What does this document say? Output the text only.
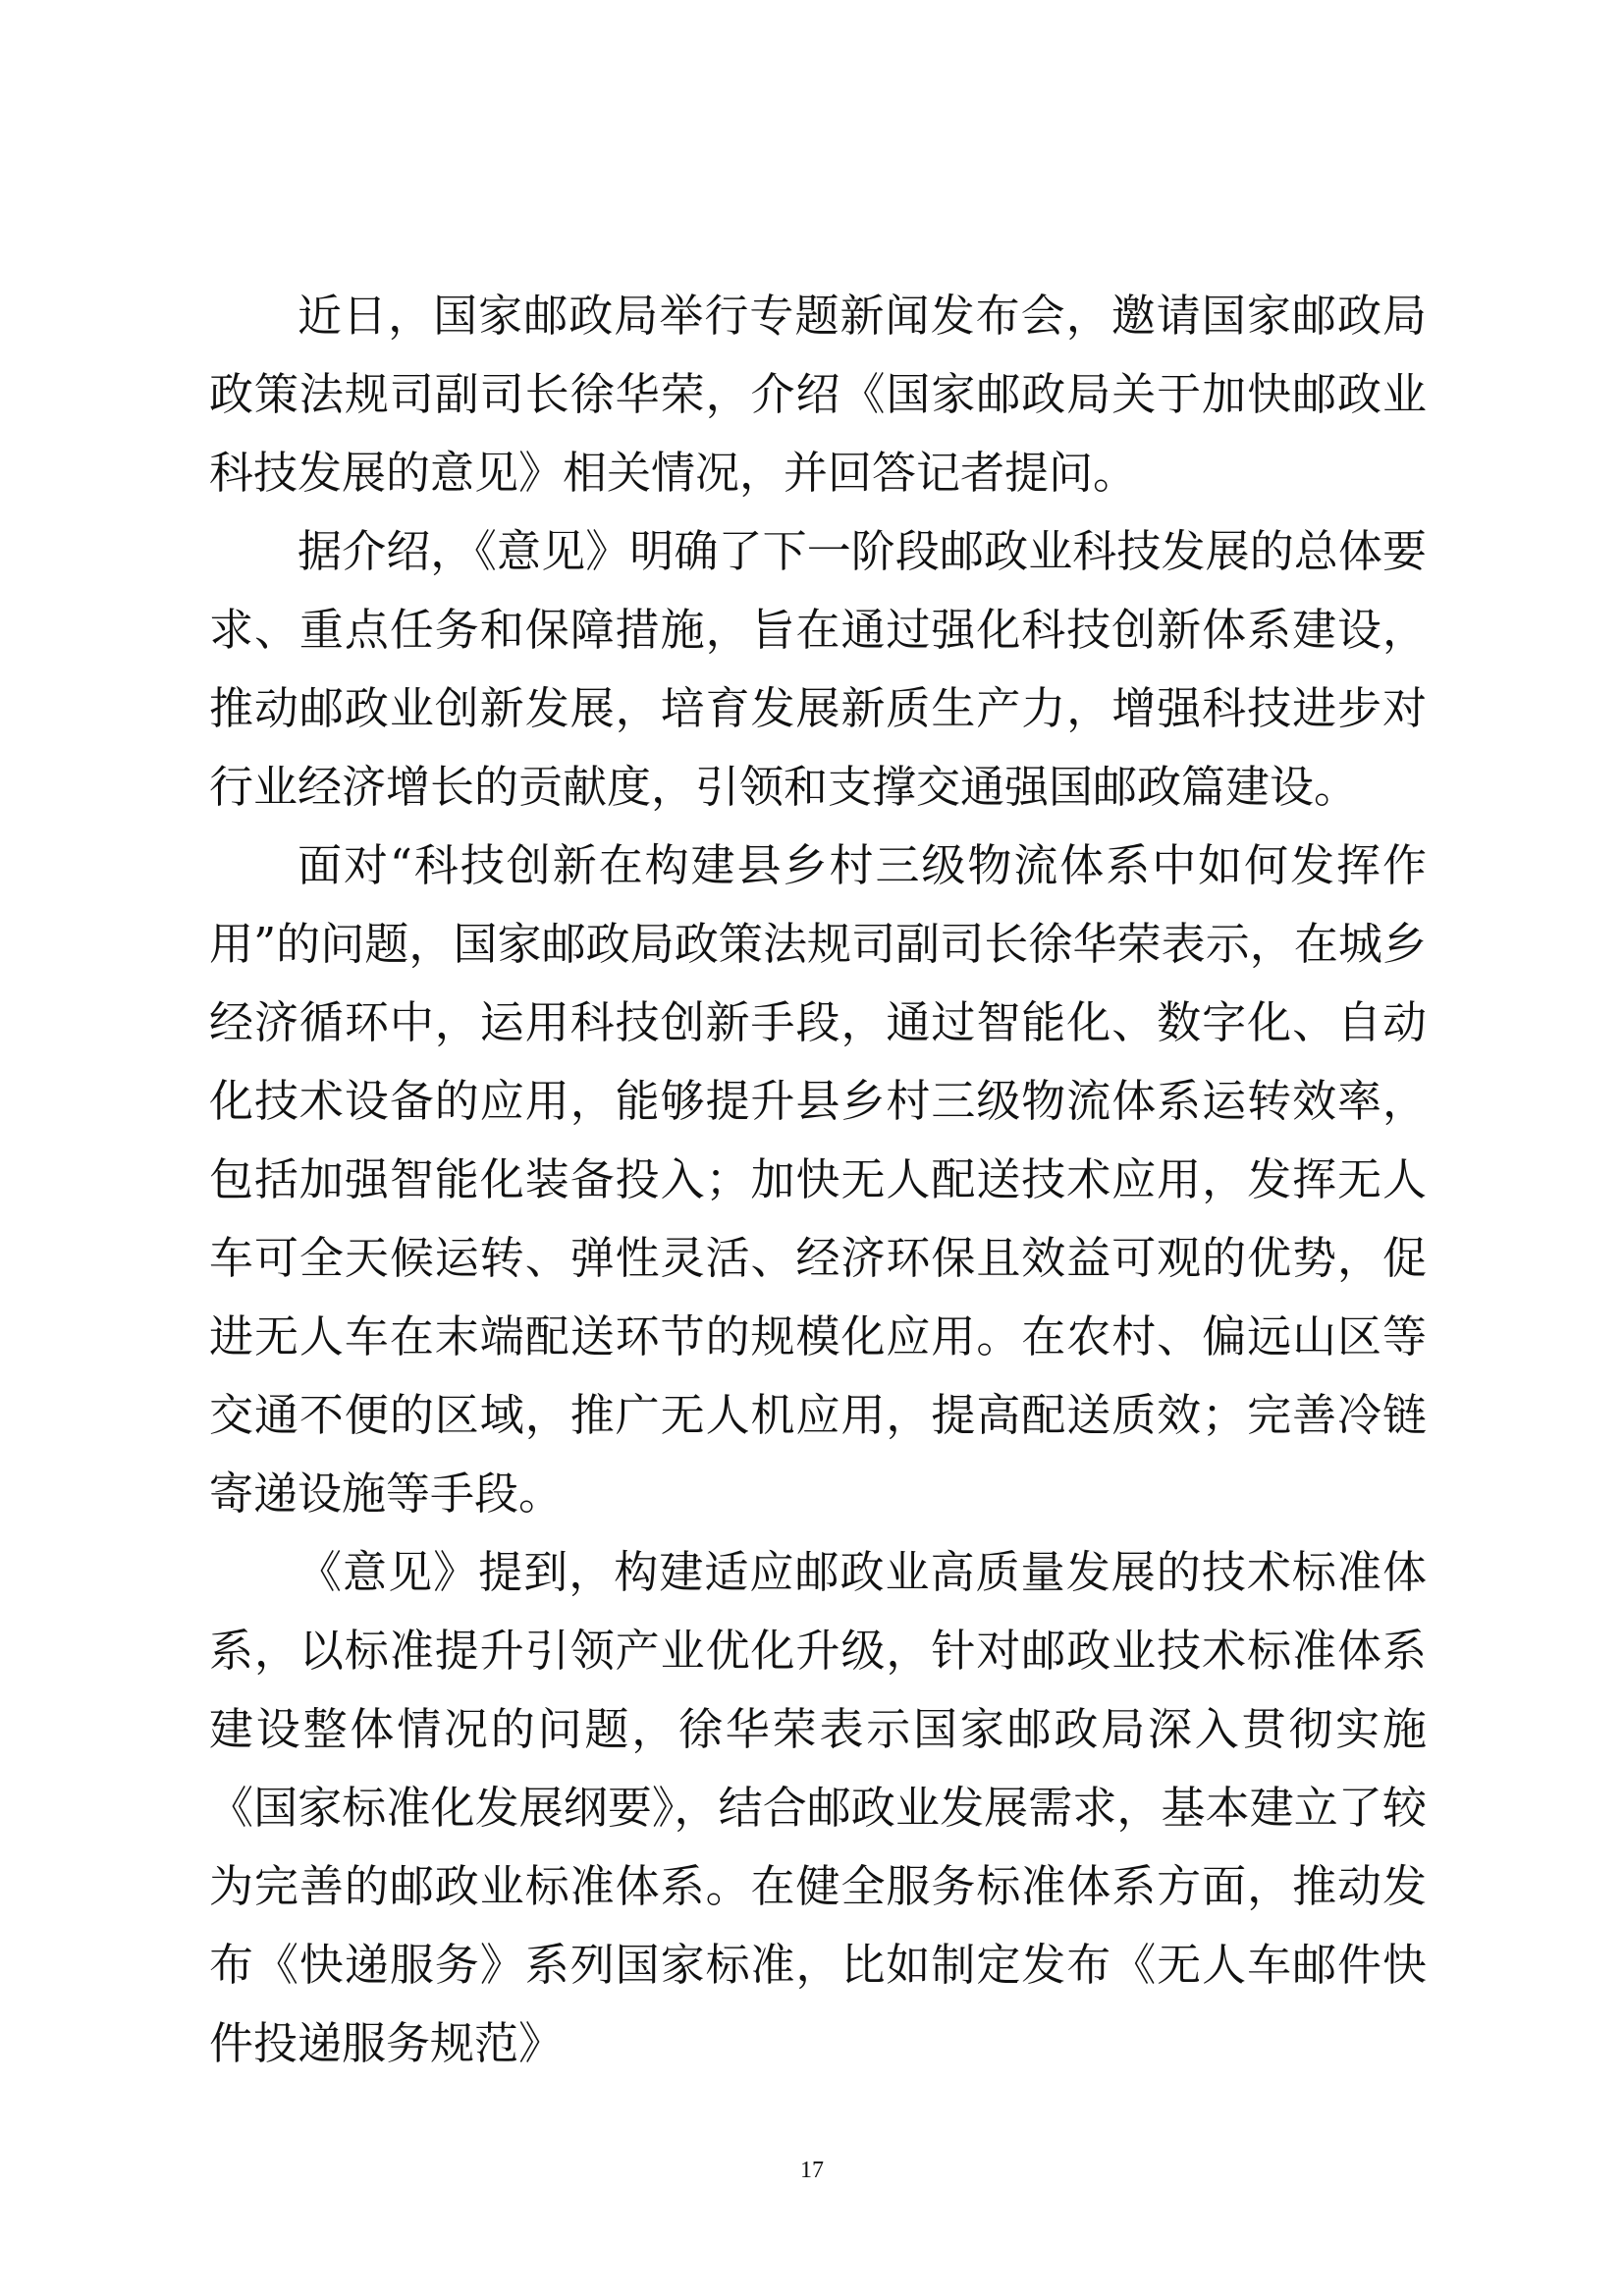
近日，国家邮政局举行专题新闻发布会，邀请国家邮政局政策法规司副司长徐华荣，介绍《国家邮政局关于加快邮政业科技发展的意见》相关情况，并回答记者提问。

据介绍，《意见》明确了下一阶段邮政业科技发展的总体要求、重点任务和保障措施，旨在通过强化科技创新体系建设，推动邮政业创新发展，培育发展新质生产力，增强科技进步对行业经济增长的贡献度，引领和支撑交通强国邮政篇建设。

面对“科技创新在构建县乡村三级物流体系中如何发挥作用”的问题，国家邮政局政策法规司副司长徐华荣表示，在城乡经济循环中，运用科技创新手段，通过智能化、数字化、自动化技术设备的应用，能够提升县乡村三级物流体系运转效率，包括加强智能化装备投入；加快无人配送技术应用，发挥无人车可全天候运转、弹性灵活、经济环保且效益可观的优势，促进无人车在末端配送环节的规模化应用。在农村、偏远山区等交通不便的区域，推广无人机应用，提高配送质效；完善冷链寄递设施等手段。

《意见》提到，构建适应邮政业高质量发展的技术标准体系，以标准提升引领产业优化升级，针对邮政业技术标准体系建设整体情况的问题，徐华荣表示国家邮政局深入贯彻实施《国家标准化发展纲要》，结合邮政业发展需求，基本建立了较为完善的邮政业标准体系。在健全服务标准体系方面，推动发布《快递服务》系列国家标准，比如制定发布《无人车邮件快件投递服务规范》

17
